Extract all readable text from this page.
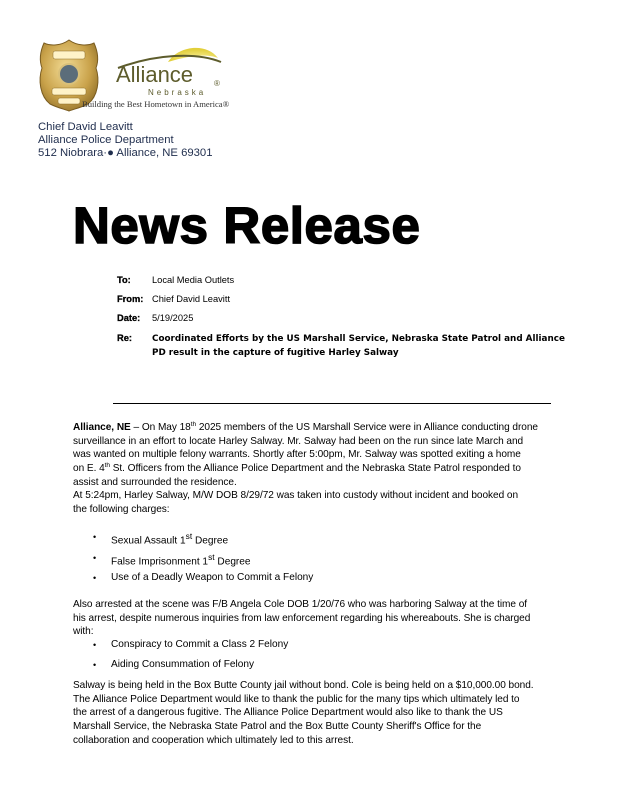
Alliance	®
Nebraska
Building the Best Hometown in America®
Chief David Leavitt
Alliance Police Department
512 Niobrara·● Alliance, NE 69301
News Release
To: Local Media Outlets
From: Chief David Leavitt
Date: 5/19/2025
Re: Coordinated Efforts by the US Marshall Service, Nebraska State Patrol and Alliance
PD result in the capture of fugitive Harley Salway
Alliance, NE – On May 18th 2025 members of the US Marshall Service were in Alliance conducting drone
surveillance in an effort to locate Harley Salway. Mr. Salway had been on the run since late March and
was wanted on multiple felony warrants. Shortly after 5:00pm, Mr. Salway was spotted exiting a home
on E. 4th St. Officers from the Alliance Police Department and the Nebraska State Patrol responded to
assist and surrounded the residence.
At 5:24pm, Harley Salway, M/W DOB 8/29/72 was taken into custody without incident and booked on
the following charges:
Also arrested at the scene was F/B Angela Cole DOB 1/20/76 who was harboring Salway at the time of
his arrest, despite numerous inquiries from law enforcement regarding his whereabouts. She is charged
with:
Salway is being held in the Box Butte County jail without bond. Cole is being held on a $10,000.00 bond.
The Alliance Police Department would like to thank the public for the many tips which ultimately led to
the arrest of a dangerous fugitive. The Alliance Police Department would also like to thank the US
Marshall Service, the Nebraska State Patrol and the Box Butte County Sheriff's Office for the
collaboration and cooperation which ultimately led to this arrest.
Sexual Assault 1st Degree
•
False Imprisonment 1st Degree
•
Use of a Deadly Weapon to Commit a Felony
•
Conspiracy to Commit a Class 2 Felony
•
Aiding Consummation of Felony
•
